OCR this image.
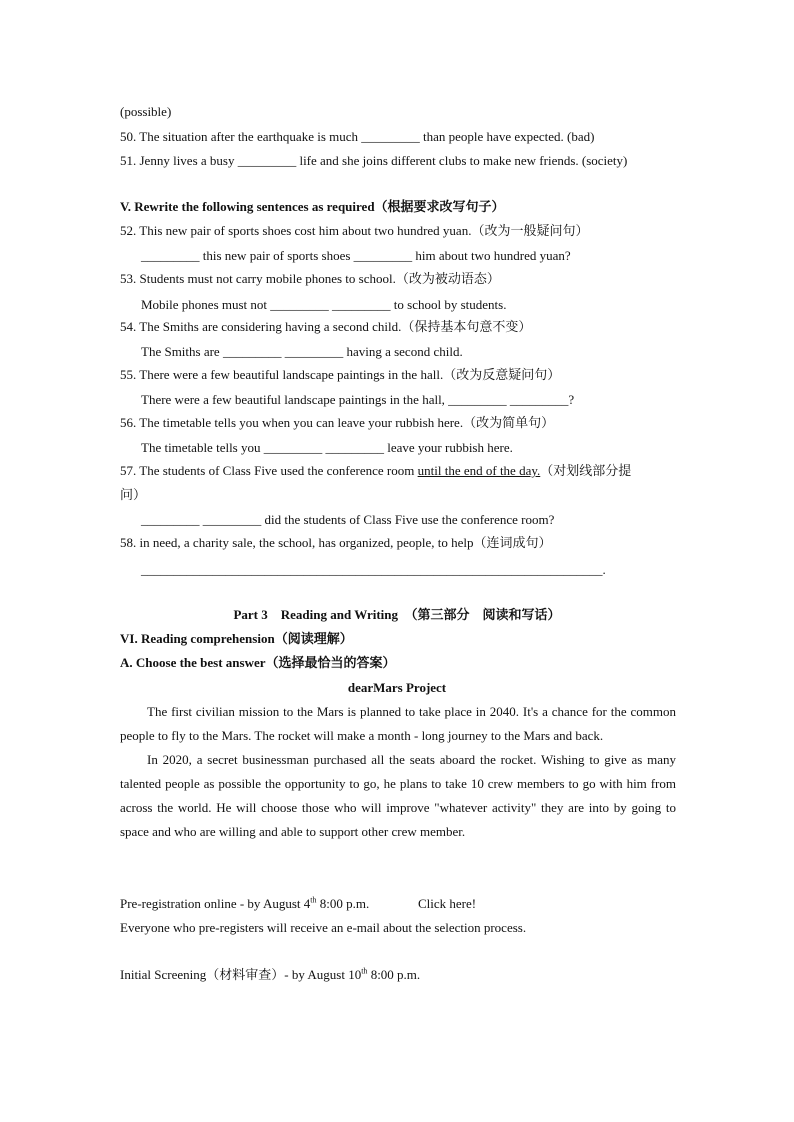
(possible)
50. The situation after the earthquake is much _________ than people have expected. (bad)
51. Jenny lives a busy _________ life and she joins different clubs to make new friends. (society)
V. Rewrite the following sentences as required（根据要求改写句子）
52. This new pair of sports shoes cost him about two hundred yuan.（改为一般疑问句）
_________ this new pair of sports shoes _________ him about two hundred yuan?
53. Students must not carry mobile phones to school.（改为被动语态）
Mobile phones must not _________ _________ to school by students.
54. The Smiths are considering having a second child.（保持基本句意不变）
The Smiths are _________ _________ having a second child.
55. There were a few beautiful landscape paintings in the hall.（改为反意疑问句）
There were a few beautiful landscape paintings in the hall, _________ _________?
56. The timetable tells you when you can leave your rubbish here.（改为简单句）
The timetable tells you _________ _________ leave your rubbish here.
57. The students of Class Five used the conference room until the end of the day.（对划线部分提
问）
_________ _________ did the students of Class Five use the conference room?
58. in need, a charity sale, the school, has organized, people, to help（连词成句）
_______________________________________________________________________.
Part 3　Reading and Writing　（第三部分　阅读和写话）
VI. Reading comprehension（阅读理解）
A. Choose the best answer（选择最恰当的答案）
dearMars Project

The first civilian mission to the Mars is planned to take place in 2040. It's a chance for the common people to fly to the Mars. The rocket will make a month - long journey to the Mars and back.

In 2020, a secret businessman purchased all the seats aboard the rocket. Wishing to give as many talented people as possible the opportunity to go, he plans to take 10 crew members to go with him from across the world. He will choose those who will improve "whatever activity" they are into by going to space and who are willing and able to support other crew member.

Pre-registration online - by August 4th 8:00 p.m.	Click here!
Everyone who pre-registers will receive an e-mail about the selection process.
Initial Screening（材料审查）- by August 10th 8:00 p.m.
